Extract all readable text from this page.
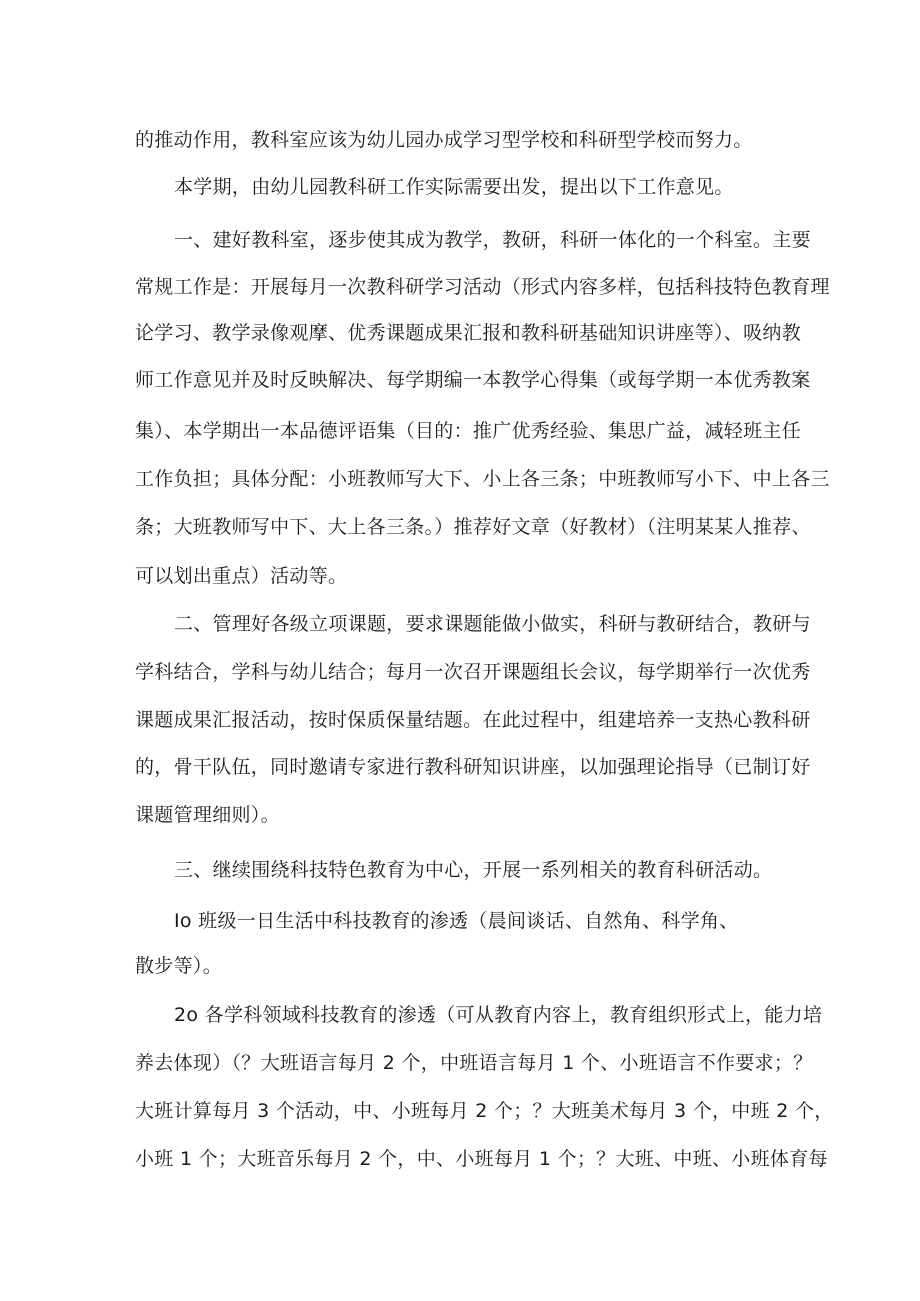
的推动作用，教科室应该为幼儿园办成学习型学校和科研型学校而努力。

本学期，由幼儿园教科研工作实际需要出发，提出以下工作意见。

一、建好教科室，逐步使其成为教学，教研，科研一体化的一个科室。主要

常规工作是：开展每月一次教科研学习活动（形式内容多样，包括科技特色教育理

论学习、教学录像观摩、优秀课题成果汇报和教科研基础知识讲座等）、吸纳教

师工作意见并及时反映解决、每学期编一本教学心得集（或每学期一本优秀教案

集）、本学期出一本品德评语集（目的：推广优秀经验、集思广益，减轻班主任

工作负担；具体分配：小班教师写大下、小上各三条；中班教师写小下、中上各三

条；大班教师写中下、大上各三条。）推荐好文章（好教材）（注明某某人推荐、

可以划出重点）活动等。

二、管理好各级立项课题，要求课题能做小做实，科研与教研结合，教研与

学科结合，学科与幼儿结合；每月一次召开课题组长会议，每学期举行一次优秀

课题成果汇报活动，按时保质保量结题。在此过程中，组建培养一支热心教科研

的，骨干队伍，同时邀请专家进行教科研知识讲座，以加强理论指导（已制订好

课题管理细则）。

三、继续围绕科技特色教育为中心，开展一系列相关的教育科研活动。

Io 班级一日生活中科技教育的渗透（晨间谈话、自然角、科学角、

散步等）。

2o 各学科领域科技教育的渗透（可从教育内容上，教育组织形式上，能力培

养去体现）（？大班语言每月 2 个，中班语言每月 1 个、小班语言不作要求；？

大班计算每月 3 个活动，中、小班每月 2 个；？大班美术每月 3 个，中班 2 个，

小班 1 个；大班音乐每月 2 个，中、小班每月 1 个；？大班、中班、小班体育每
